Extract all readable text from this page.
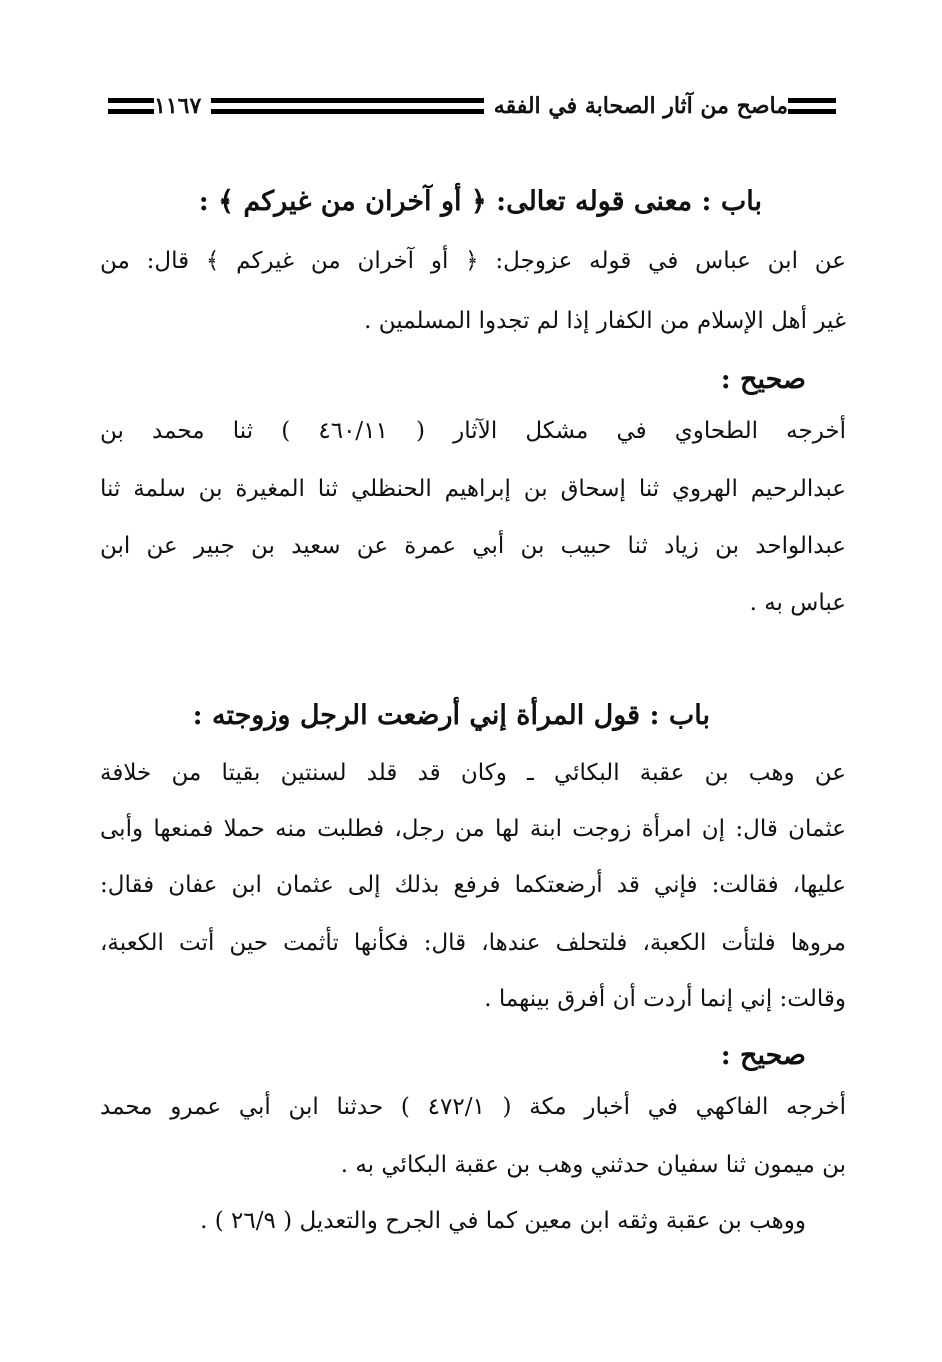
ماصح من آثار الصحابة في الفقه
١١٦٧
باب : معنى قوله تعالى: ﴿ أو آخران من غيركم ﴾ :
عن ابن عباس في قوله عزوجل: ﴿ أو آخران من غيركم ﴾ قال: من
غير أهل الإسلام من الكفار إذا لم تجدوا المسلمين .
صحيح :
أخرجه الطحاوي في مشكل الآثار ( ٤٦٠/١١ ) ثنا محمد بن
عبدالرحيم الهروي ثنا إسحاق بن إبراهيم الحنظلي ثنا المغيرة بن سلمة ثنا
عبدالواحد بن زياد ثنا حبيب بن أبي عمرة عن سعيد بن جبير عن ابن
عباس به .
باب : قول المرأة إني أرضعت الرجل وزوجته :
عن وهب بن عقبة البكائي ـ وكان قد قلد لسنتين بقيتا من خلافة
عثمان قال: إن امرأة زوجت ابنة لها من رجل، فطلبت منه حملا فمنعها وأبى
عليها، فقالت: فإني قد أرضعتكما فرفع بذلك إلى عثمان ابن عفان فقال:
مروها فلتأت الكعبة، فلتحلف عندها، قال: فكأنها تأثمت حين أتت الكعبة،
وقالت: إني إنما أردت أن أفرق بينهما .
صحيح :
أخرجه الفاكهي في أخبار مكة ( ٤٧٢/١ ) حدثنا ابن أبي عمرو محمد
بن ميمون ثنا سفيان حدثني وهب بن عقبة البكائي به .
ووهب بن عقبة وثقه ابن معين كما في الجرح والتعديل ( ٢٦/٩ ) .
